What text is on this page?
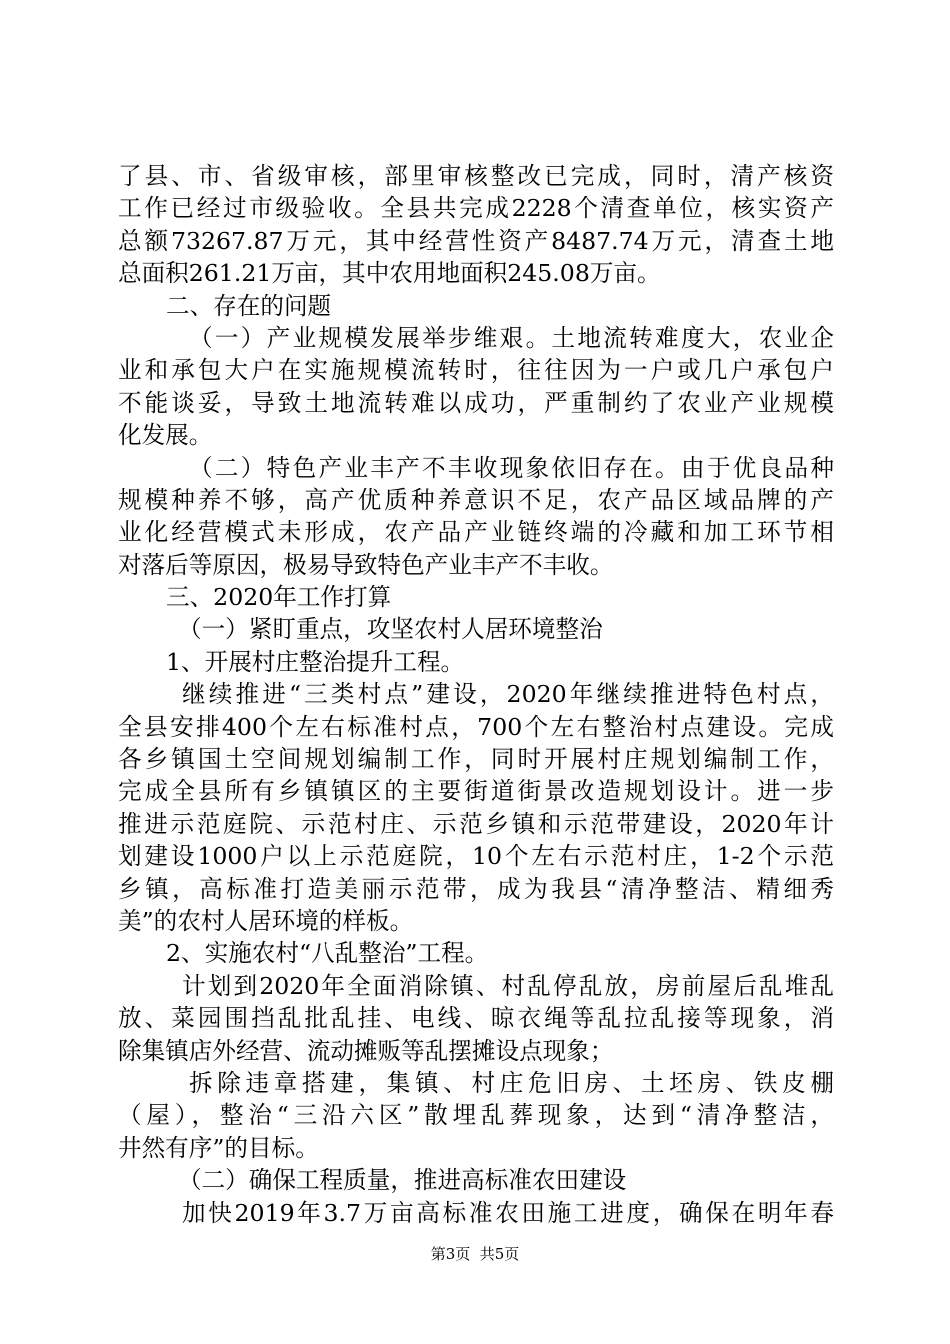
了县、市、省级审核，部里审核整改已完成，同时，清产核资
工作已经过市级验收。全县共完成2228个清查单位，核实资产
总额73267.87万元，其中经营性资产8487.74万元，清查土地
总面积261.21万亩，其中农用地面积245.08万亩。
二、存在的问题
（一）产业规模发展举步维艰。土地流转难度大，农业企
业和承包大户在实施规模流转时，往往因为一户或几户承包户
不能谈妥，导致土地流转难以成功，严重制约了农业产业规模
化发展。
（二）特色产业丰产不丰收现象依旧存在。由于优良品种
规模种养不够，高产优质种养意识不足，农产品区域品牌的产
业化经营模式未形成，农产品产业链终端的冷藏和加工环节相
对落后等原因，极易导致特色产业丰产不丰收。
三、2020年工作打算
（一）紧盯重点，攻坚农村人居环境整治
1、开展村庄整治提升工程。
继续推进“三类村点”建设，2020年继续推进特色村点，
全县安排400个左右标准村点，700个左右整治村点建设。完成
各乡镇国土空间规划编制工作，同时开展村庄规划编制工作，
完成全县所有乡镇镇区的主要街道街景改造规划设计。进一步
推进示范庭院、示范村庄、示范乡镇和示范带建设，2020年计
划建设1000户以上示范庭院，10个左右示范村庄，1-2个示范
乡镇，高标准打造美丽示范带，成为我县“清净整洁、精细秀
美”的农村人居环境的样板。
2、实施农村“八乱整治”工程。
计划到2020年全面消除镇、村乱停乱放，房前屋后乱堆乱
放、菜园围挡乱批乱挂、电线、晾衣绳等乱拉乱接等现象，消
除集镇店外经营、流动摊贩等乱摆摊设点现象；
拆除违章搭建，集镇、村庄危旧房、土坯房、铁皮棚
（屋），整治“三沿六区”散埋乱葬现象，达到“清净整洁，
井然有序”的目标。
（二）确保工程质量，推进高标准农田建设
加快2019年3.7万亩高标准农田施工进度，确保在明年春
第3页  共5页
